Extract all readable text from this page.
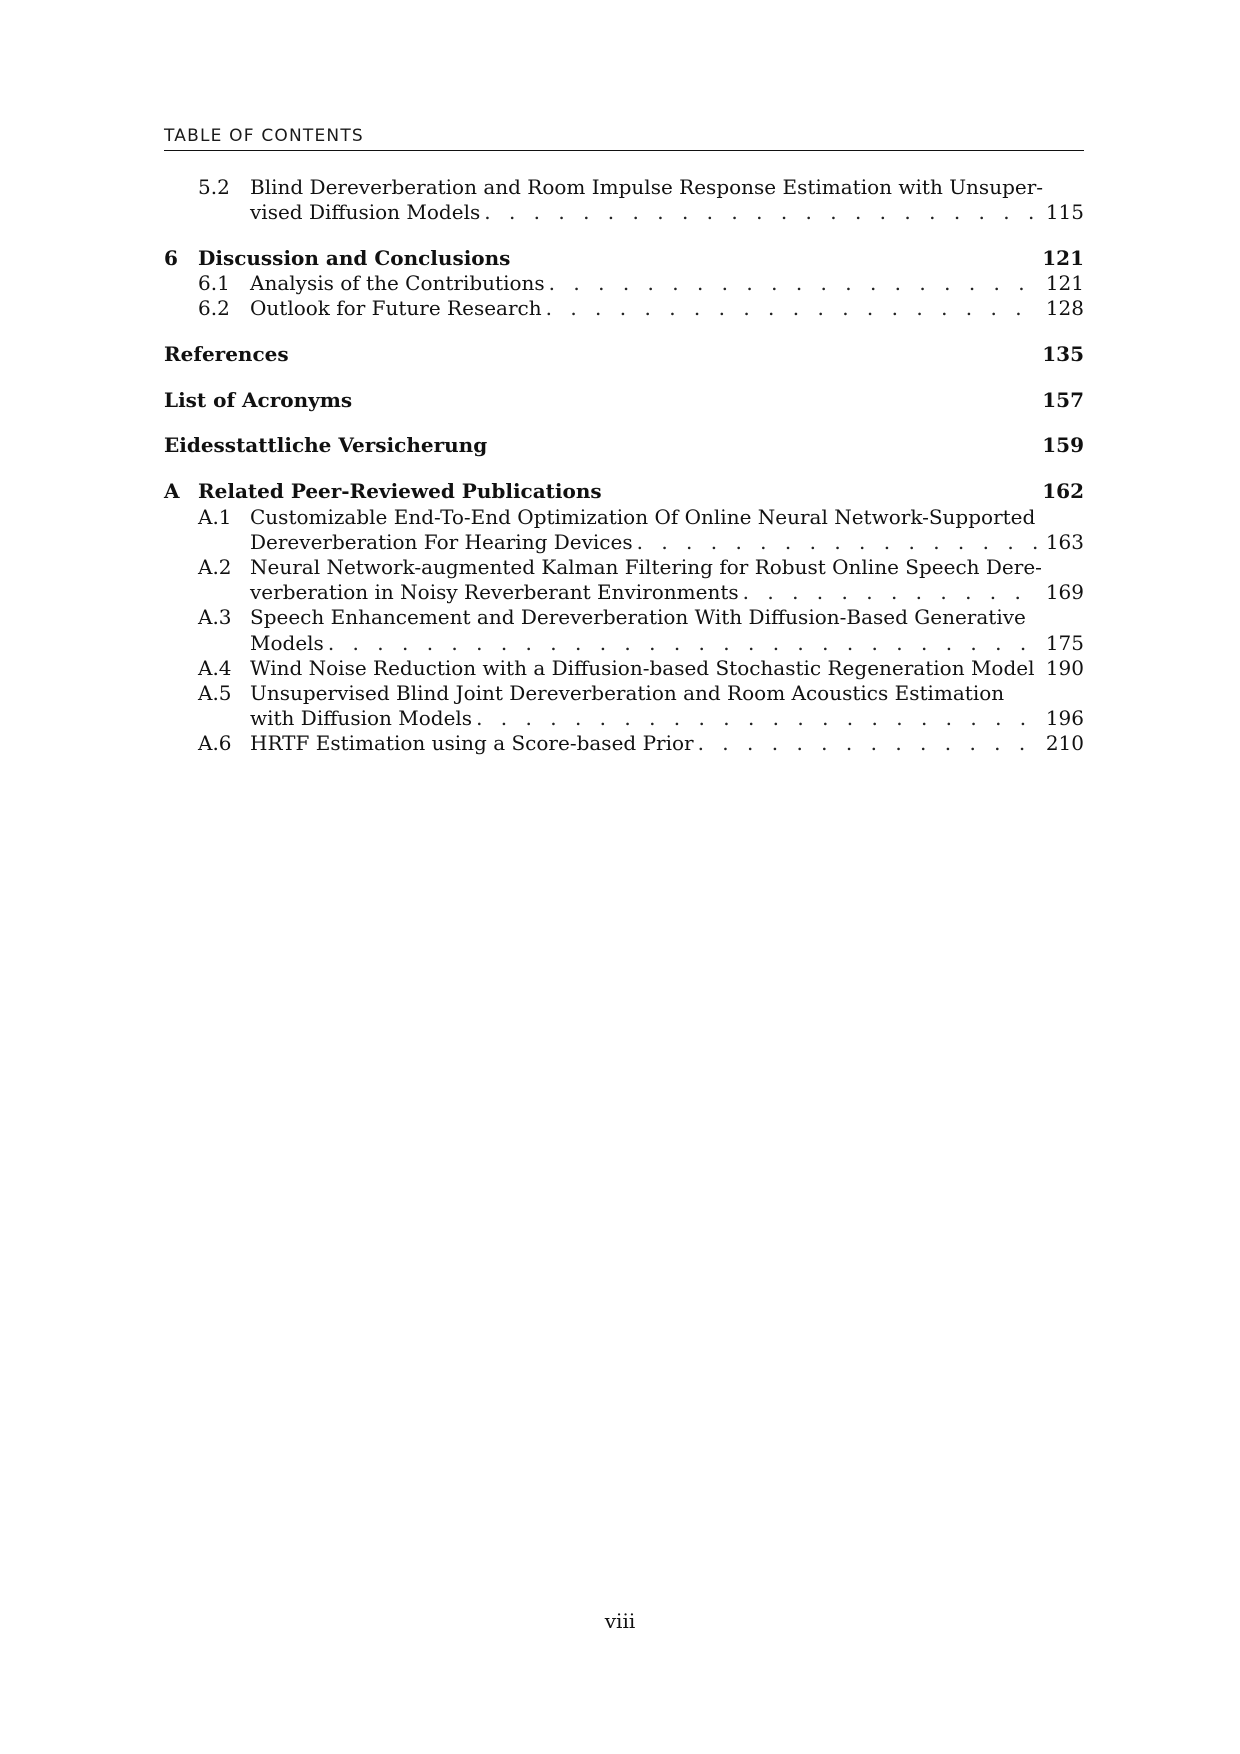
TABLE OF CONTENTS
5.2 Blind Dereverberation and Room Impulse Response Estimation with Unsuper-
vised Diffusion Models . . .	115
6 Discussion and Conclusions	121
6.1 Analysis of the Contributions . . .	121
6.2 Outlook for Future Research . . .	128
References	135
List of Acronyms	157
Eidesstattliche Versicherung	159
A Related Peer-Reviewed Publications	162
A.1 Customizable End-To-End Optimization Of Online Neural Network-Supported
Dereverberation For Hearing Devices . . .	163
A.2 Neural Network-augmented Kalman Filtering for Robust Online Speech Dere-
verberation in Noisy Reverberant Environments . . .	169
A.3 Speech Enhancement and Dereverberation With Diffusion-Based Generative
Models . . .	175
A.4 Wind Noise Reduction with a Diffusion-based Stochastic Regeneration Model 190
A.5 Unsupervised Blind Joint Dereverberation and Room Acoustics Estimation
with Diffusion Models . . .	196
A.6 HRTF Estimation using a Score-based Prior . . .	210
viii
